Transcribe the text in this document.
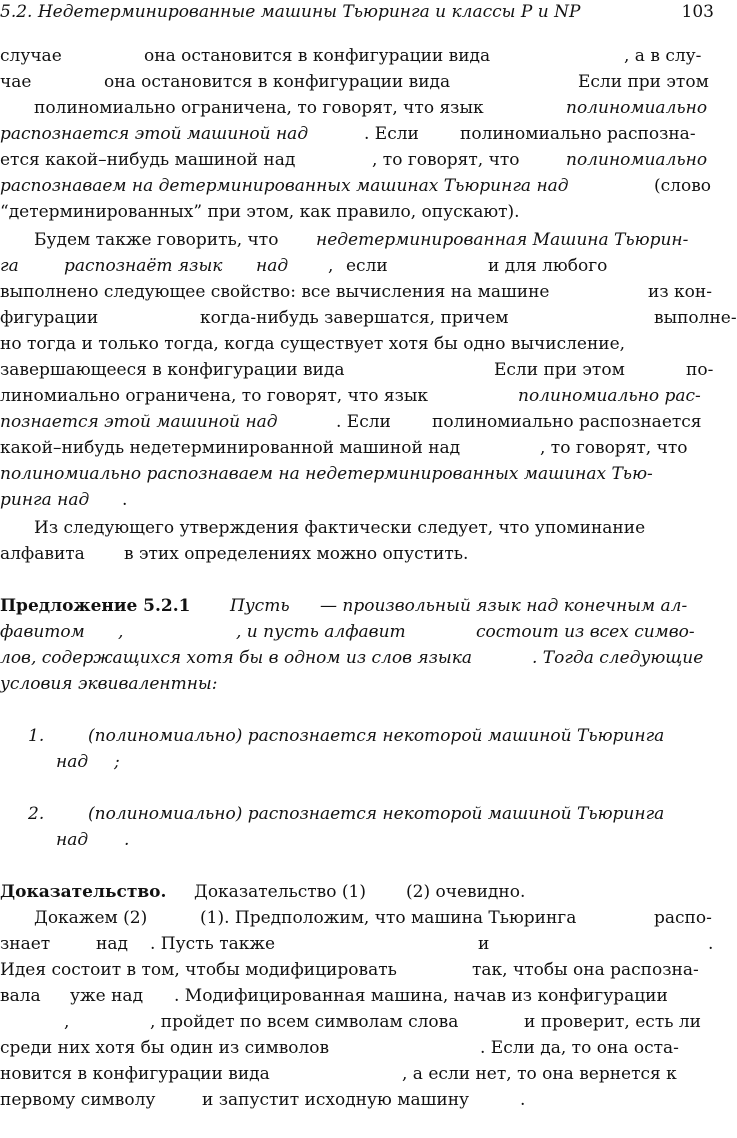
5.2. Недетерминированные машины Тьюринга и классы P и NP	103
случае	она остановится в конфигурации вида	, а в слу-
чае	она остановится в конфигурации вида	Если при этом
полиномиально ограничена, то говорят, что язык	полиномиально
распознается этой машиной над	. Если полиномиально распозна-
ется какой–нибудь машиной над	, то говорят, что	полиномиально
распознаваем на детерминированных машинах Тьюринга над	(слово
“детерминированных” при этом, как правило, опускают).
Будем также говорить, что недетерминированная Машина Тьюрин-
га	распознаёт язык над , если	и для любого
выполнено следующее свойство: все вычисления на машине	из кон-
фигурации	когда-нибудь завершатся, причем	выполне-
но тогда и только тогда, когда существует хотя бы одно вычисление,
завершающееся в конфигурации вида	Если при этом	по-
линомиально ограничена, то говорят, что язык	полиномиально рас-
познается этой машиной над	. Если полиномиально распознается
какой–нибудь недетерминированной машиной над	, то говорят, что
полиномиально распознаваем на недетерминированных машинах Тью-
ринга над .
Из следующего утверждения фактически следует, что упоминание
алфавита в этих определениях можно опустить.
Предложение 5.2.1 Пусть — произвольный язык над конечным ал-
фавитом ,	, и пусть алфавит	состоит из всех симво-
лов, содержащихся хотя бы в одном из слов языка	. Тогда следующие
условия эквивалентны:
1.	(полиномиально) распознается некоторой машиной Тьюринга
над ;
2.	(полиномиально) распознается некоторой машиной Тьюринга
над .
Доказательство. Доказательство (1) (2) очевидно.
Докажем (2)	(1). Предположим, что машина Тьюринга	распо-
знает	над . Пусть также	и	.
Идея состоит в том, чтобы модифицировать	так, чтобы она распозна-
вала уже над . Модифицированная машина, начав из конфигурации
,	, пройдет по всем символам слова	и проверит, есть ли
среди них хотя бы один из символов	. Если да, то она оста-
новится в конфигурации вида	, а если нет, то она вернется к
первому символу	и запустит исходную машину	.
